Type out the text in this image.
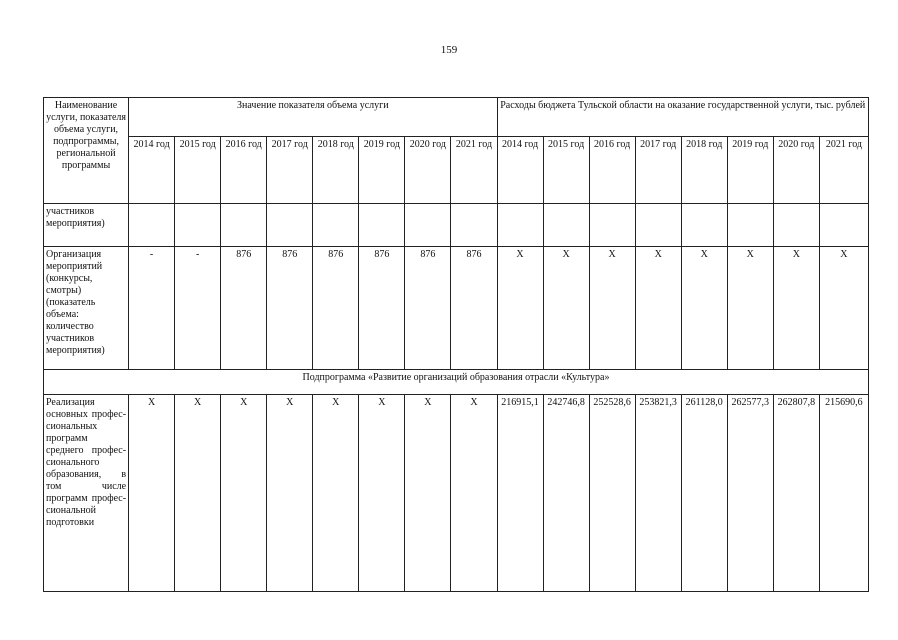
159
Наименование услуги, показателя объема услуги, подпрограммы, региональной программы	Значение показателя объема услуги								Расходы бюджета Тульской области на оказание государственной услуги, тыс. рублей							
	2014 год	2015 год	2016 год	2017 год	2018 год	2019 год	2020 год	2021 год	2014 год	2015 год	2016 год	2017 год	2018 год	2019 год	2020 год	2021 год
участников мероприятия)																
Организация мероприятий (конкурсы, смотры) (показатель объема: количество участников мероприятия)	-	-	876	876	876	876	876	876	X	X	X	X	X	X	X	X
Подпрограмма «Развитие организаций образования отрасли «Культура»																
Реализация основных профес-сиональных программ среднего профес-сионального образования, в том числе программ профес-сиональной подготовки	X	X	X	X	X	X	X	X	216915,1	242746,8	252528,6	253821,3	261128,0	262577,3	262807,8	215690,6
